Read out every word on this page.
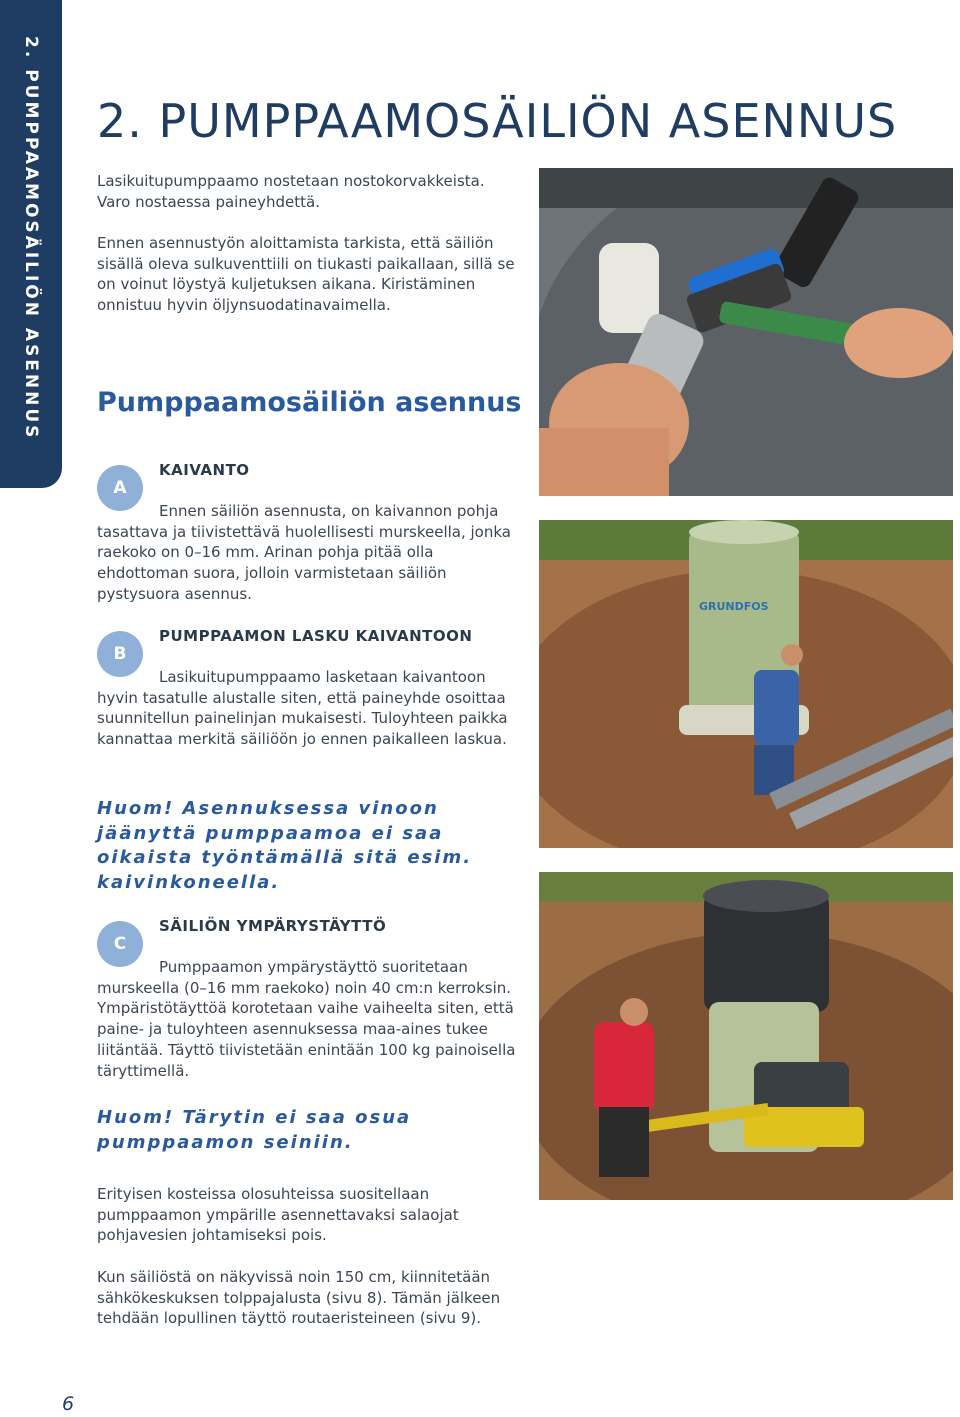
2. PUMPPAAMOSÄILIÖN ASENNUS 2. PUMPPAAMOSÄILIÖN ASENNUS

Lasikuitupumppaamo nostetaan nostokorvakkeista. Varo nostaessa paineyhdettä.

Ennen asennustyön aloittamista tarkista, että säiliön sisällä oleva sulkuventtiili on tiukasti paikallaan, sillä se on voinut löystyä kuljetuksen aikana. Kiristäminen onnistuu hyvin öljynsuodatinavaimella.

Pumppaamosäiliön asennus
A
KAIVANTO

Ennen säiliön asennusta, on kaivannon pohja tasattava ja tiivistettävä huolellisesti murskeella, jonka raekoko on 0–16 mm. Arinan pohja pitää olla ehdottoman suora, jolloin varmistetaan säiliön pystysuora asennus.

B
PUMPPAAMON LASKU KAIVANTOON

Lasikuitupumppaamo lasketaan kaivantoon hyvin tasatulle alustalle siten, että paineyhde osoittaa suunnitellun painelinjan mukaisesti. Tuloyhteen paikka kannattaa merkitä säiliöön jo ennen paikalleen laskua.

Huom! Asennuksessa vinoon jäänyttä pumppaamoa ei saa oikaista työntämällä sitä esim. kaivinkoneella.

C
SÄILIÖN YMPÄRYSTÄYTTÖ

Pumppaamon ympärystäyttö suoritetaan murskeella (0–16 mm raekoko) noin 40 cm:n kerroksin. Ympäristötäyttöä korotetaan vaihe vaiheelta siten, että paine- ja tuloyhteen asennuksessa maa-aines tukee liitäntää. Täyttö tiivistetään enintään 100 kg painoisella täryttimellä.

Huom! Tärytin ei saa osua pumppaamon seiniin.

Erityisen kosteissa olosuhteissa suositellaan pumppaamon ympärille asennettavaksi salaojat pohjavesien johtamiseksi pois.

Kun säiliöstä on näkyvissä noin 150 cm, kiinnitetään sähkökeskuksen tolppajalusta (sivu 8). Tämän jälkeen tehdään lopullinen täyttö routaeristeineen (sivu 9).

GRUNDFOS
6
